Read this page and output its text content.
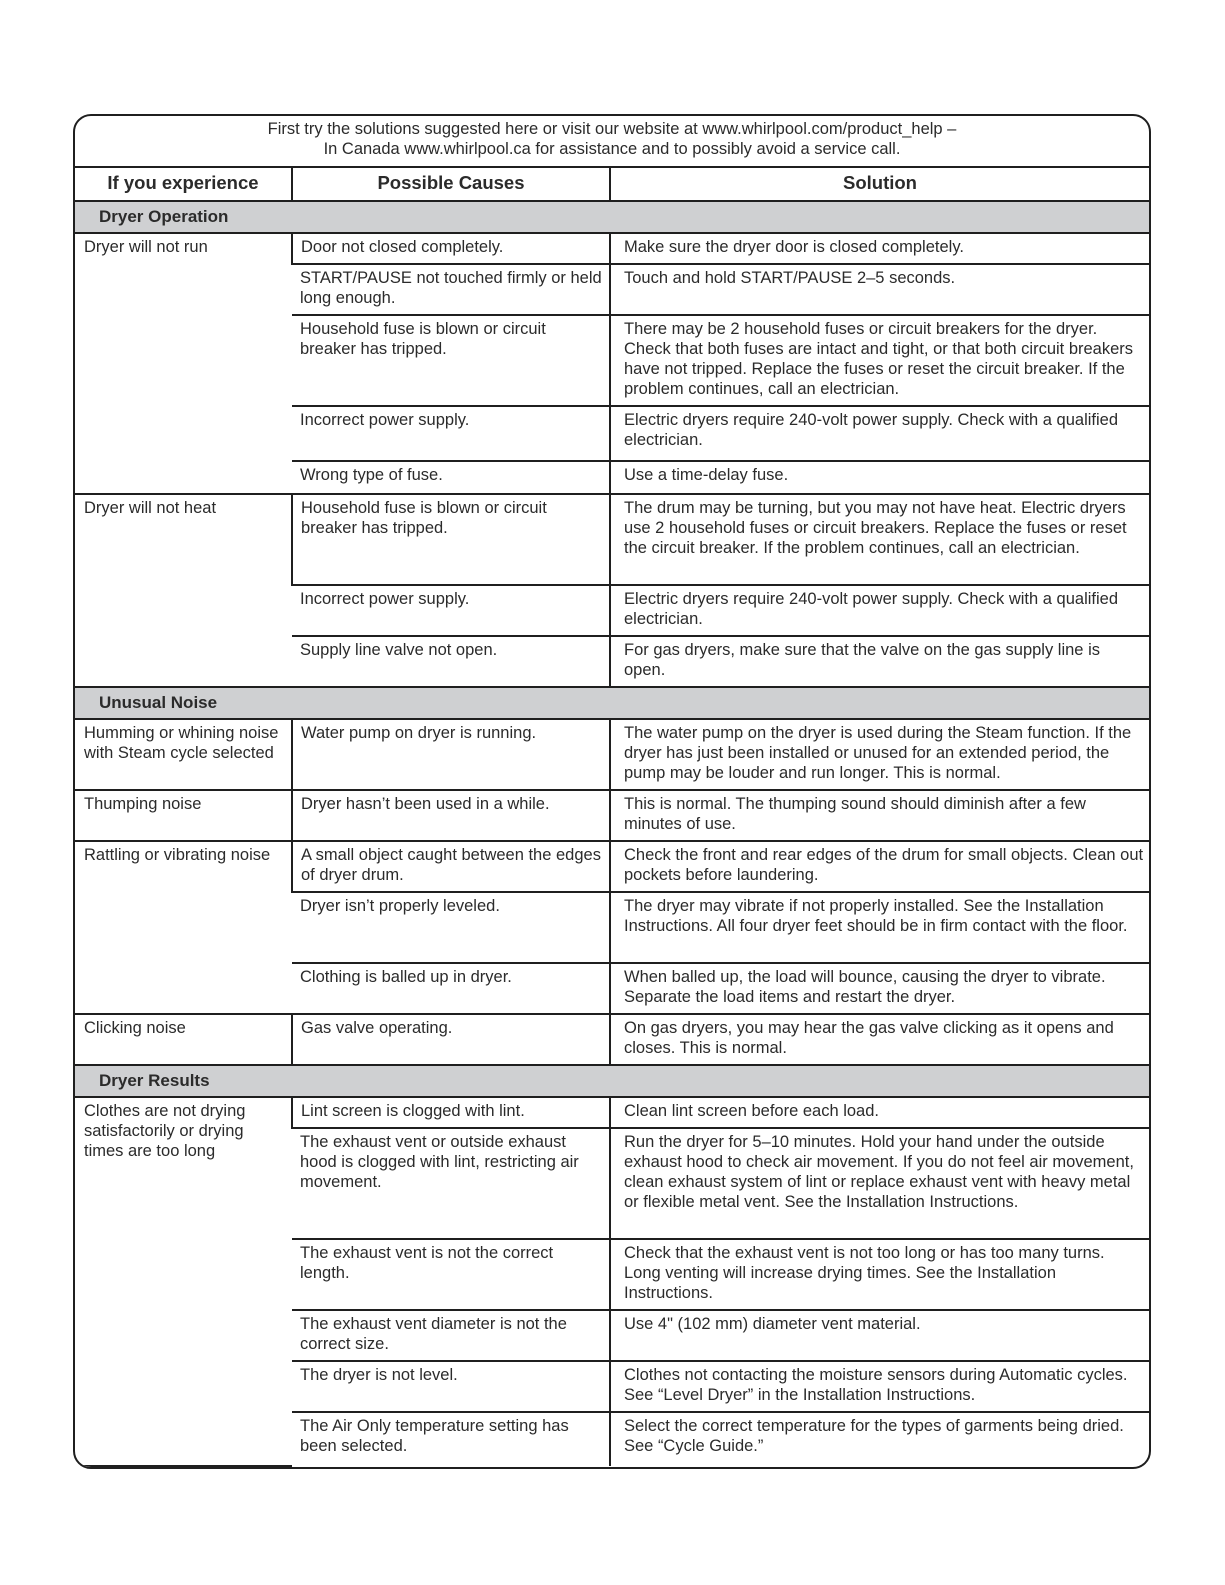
First try the solutions suggested here or visit our website at www.whirlpool.com/product_help –
In Canada www.whirlpool.ca for assistance and to possibly avoid a service call.
If you experience	Possible Causes	Solution
Dryer Operation		
Dryer will not run	Door not closed completely.	Make sure the dryer door is closed completely.
	START/PAUSE not touched firmly or held long enough.	Touch and hold START/PAUSE 2–5 seconds.
	Household fuse is blown or circuit breaker has tripped.	There may be 2 household fuses or circuit breakers for the dryer. Check that both fuses are intact and tight, or that both circuit breakers have not tripped. Replace the fuses or reset the circuit breaker. If the problem continues, call an electrician.
	Incorrect power supply.	Electric dryers require 240-volt power supply. Check with a qualified electrician.
	Wrong type of fuse.	Use a time-delay fuse.
Dryer will not heat	Household fuse is blown or circuit breaker has tripped.	The drum may be turning, but you may not have heat. Electric dryers use 2 household fuses or circuit breakers. Replace the fuses or reset the circuit breaker. If the problem continues, call an electrician.
	Incorrect power supply.	Electric dryers require 240-volt power supply. Check with a qualified electrician.
	Supply line valve not open.	For gas dryers, make sure that the valve on the gas supply line is open.
Unusual Noise		
Humming or whining noise with Steam cycle selected	Water pump on dryer is running.	The water pump on the dryer is used during the Steam function. If the dryer has just been installed or unused for an extended period, the pump may be louder and run longer. This is normal.
Thumping noise	Dryer hasn’t been used in a while.	This is normal. The thumping sound should diminish after a few minutes of use.
Rattling or vibrating noise	A small object caught between the edges of dryer drum.	Check the front and rear edges of the drum for small objects. Clean out pockets before laundering.
	Dryer isn’t properly leveled.	The dryer may vibrate if not properly installed. See the Installation Instructions. All four dryer feet should be in firm contact with the floor.
	Clothing is balled up in dryer.	When balled up, the load will bounce, causing the dryer to vibrate. Separate the load items and restart the dryer.
Clicking noise	Gas valve operating.	On gas dryers, you may hear the gas valve clicking as it opens and closes. This is normal.
Dryer Results		
Clothes are not drying satisfactorily or drying times are too long	Lint screen is clogged with lint.	Clean lint screen before each load.
	The exhaust vent or outside exhaust hood is clogged with lint, restricting air movement.	Run the dryer for 5–10 minutes. Hold your hand under the outside exhaust hood to check air movement. If you do not feel air movement, clean exhaust system of lint or replace exhaust vent with heavy metal or flexible metal vent. See the Installation Instructions.
	The exhaust vent is not the correct length.	Check that the exhaust vent is not too long or has too many turns. Long venting will increase drying times. See the Installation Instructions.
	The exhaust vent diameter is not the correct size.	Use 4" (102 mm) diameter vent material.
	The dryer is not level.	Clothes not contacting the moisture sensors during Automatic cycles. See “Level Dryer” in the Installation Instructions.
	The Air Only temperature setting has been selected.	Select the correct temperature for the types of garments being dried. See “Cycle Guide.”
